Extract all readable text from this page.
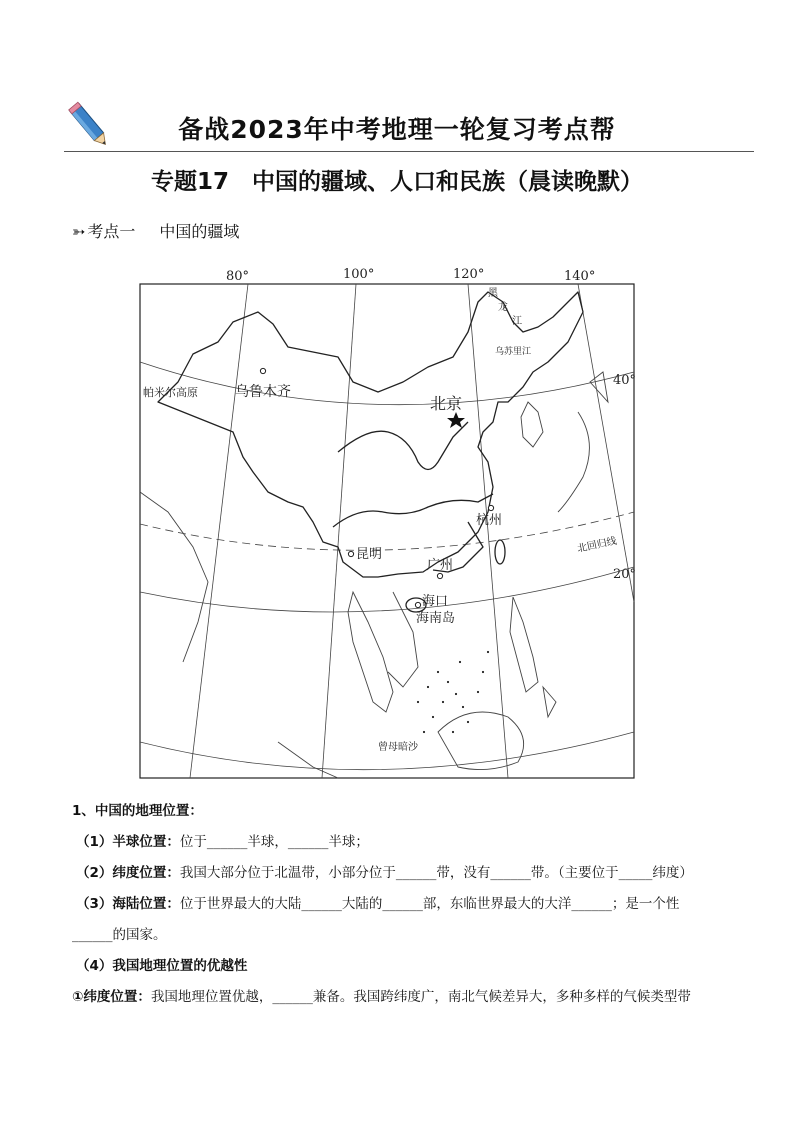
备战2023年中考地理一轮复习考点帮
专题17　中国的疆域、人口和民族（晨读晚默）
➳ 考点一 中国的疆域
80°	100°	120°	140°
40°
20°
乌鲁木齐
北京
杭州
昆明
广州
海口
海南岛
帕米尔高原
乌苏里江
北回归线
曾母暗沙
黑 龙 江

1、中国的地理位置：

（1）半球位置：位于______半球，______半球；

（2）纬度位置：我国大部分位于北温带，小部分位于______带，没有______带。（主要位于_____纬度）

（3）海陆位置：位于世界最大的大陆______大陆的______部，东临世界最大的大洋______；是一个性

______的国家。

（4）我国地理位置的优越性

①纬度位置：我国地理位置优越，______兼备。我国跨纬度广，南北气候差异大，多种多样的气候类型带
